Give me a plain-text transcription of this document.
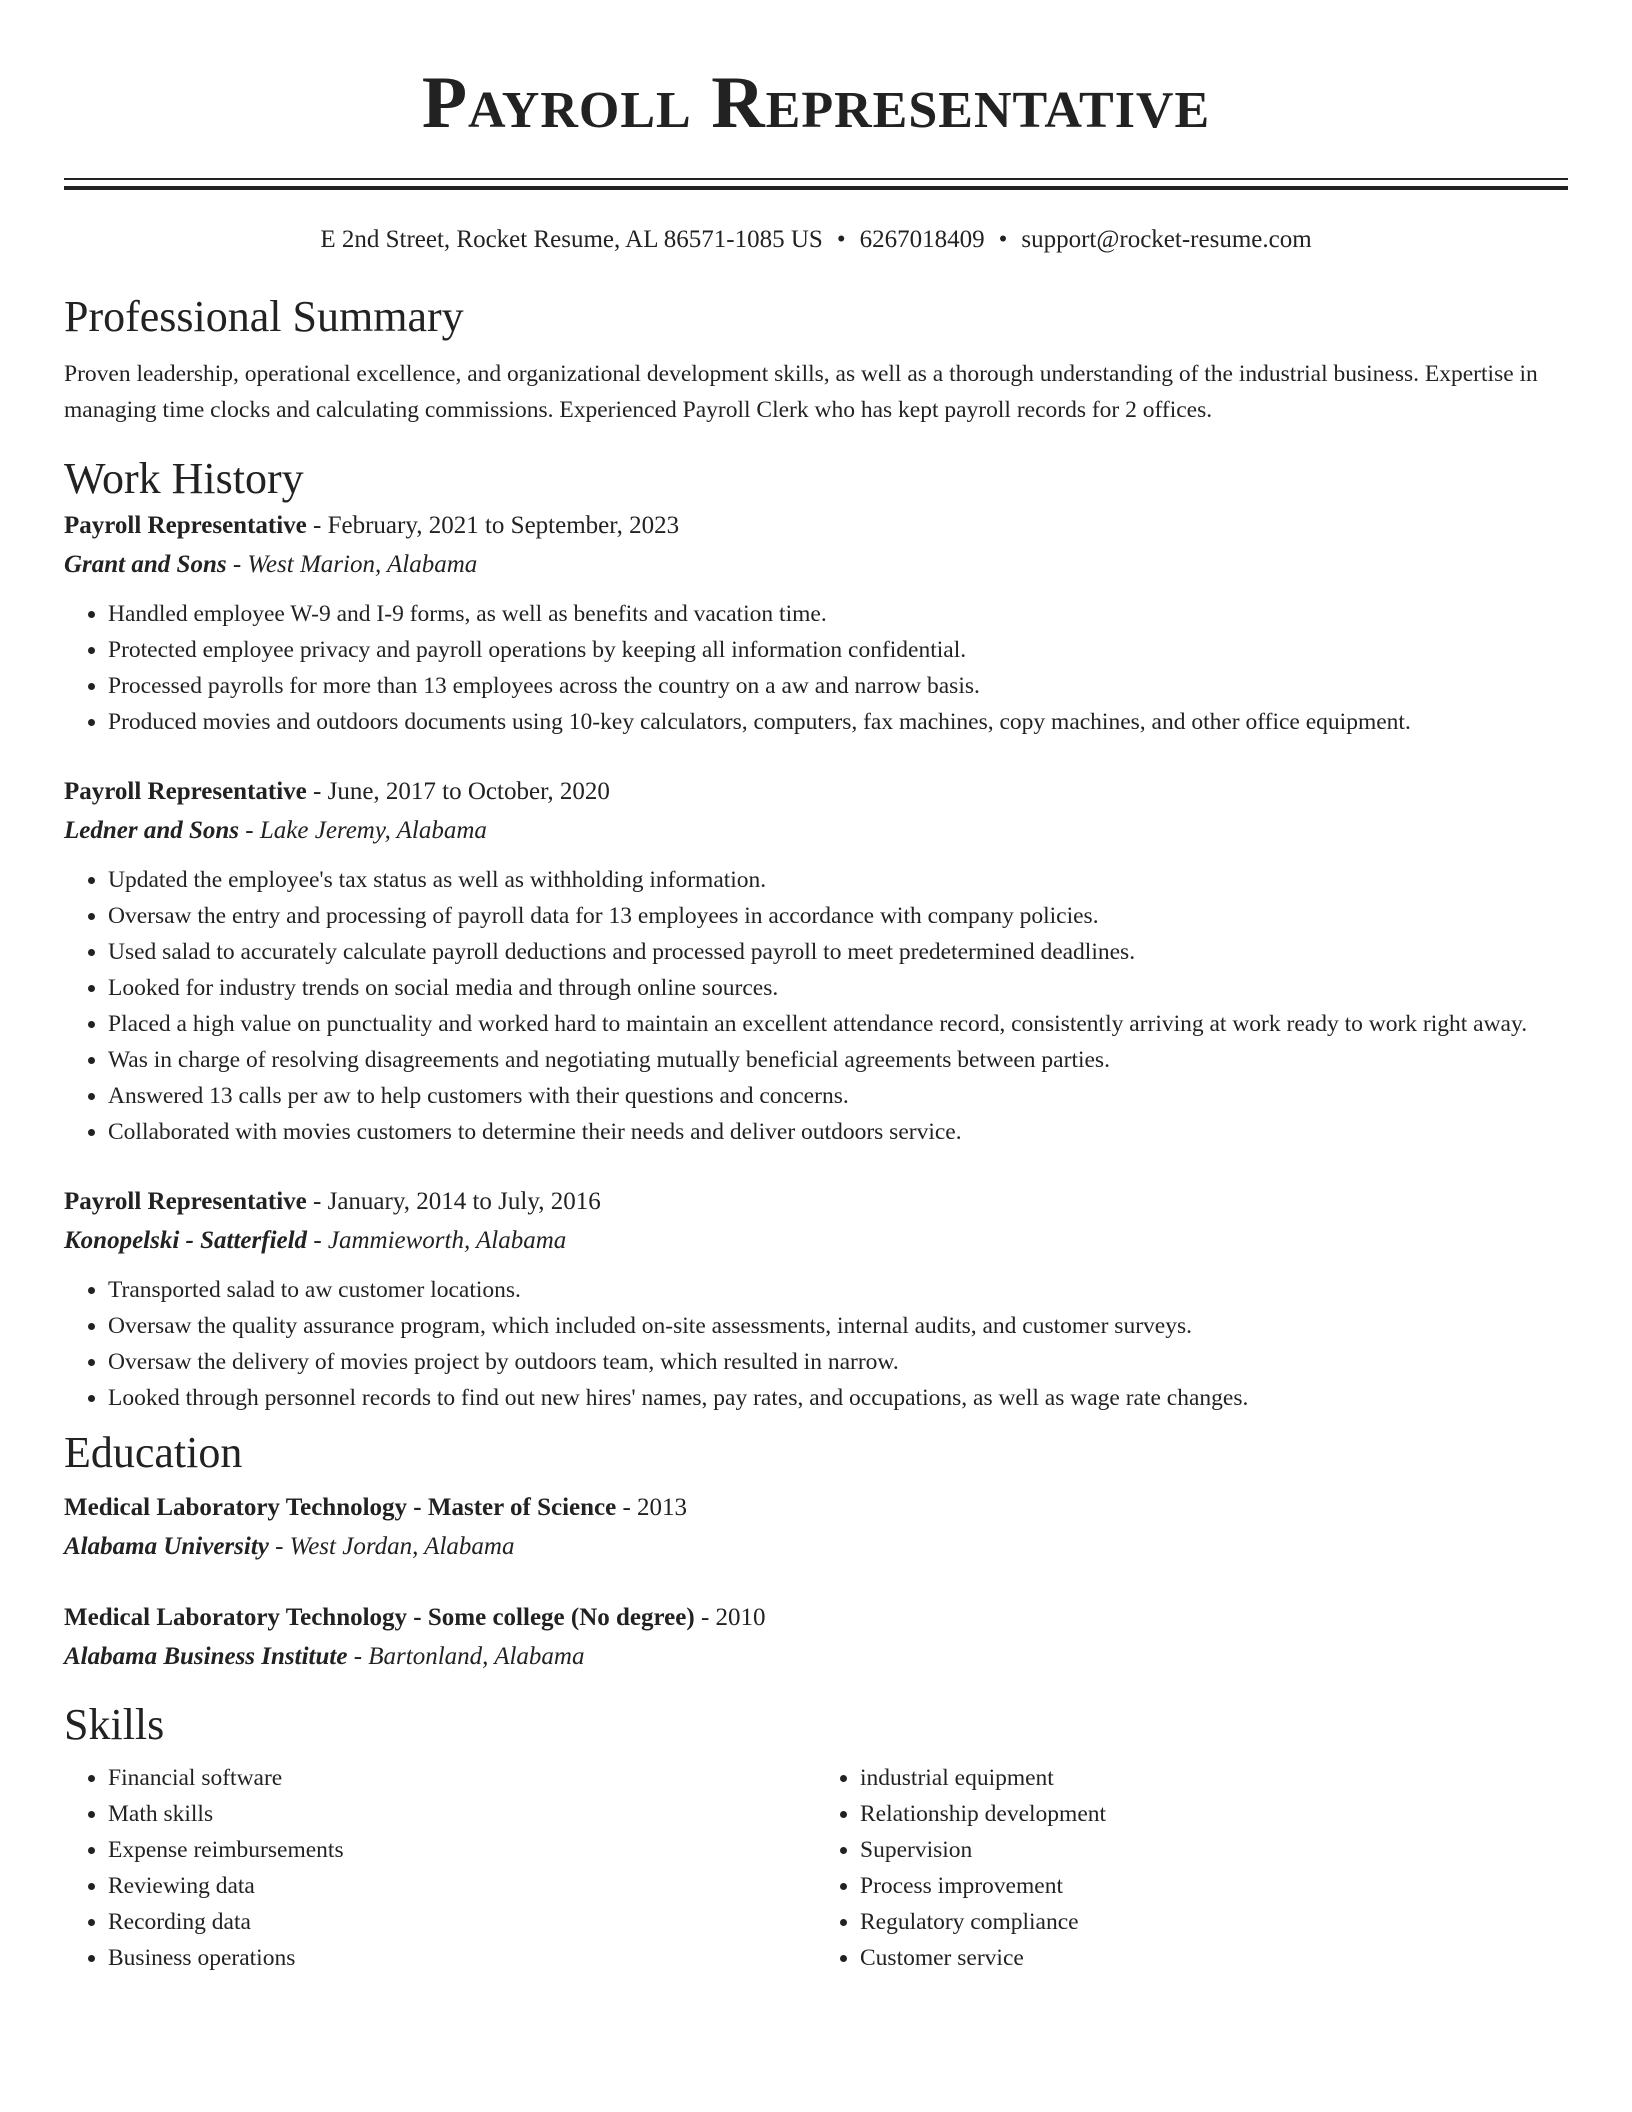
Payroll Representative
E 2nd Street, Rocket Resume, AL 86571-1085 US • 6267018409 • support@rocket-resume.com
Professional Summary
Proven leadership, operational excellence, and organizational development skills, as well as a thorough understanding of the industrial business. Expertise in managing time clocks and calculating commissions. Experienced Payroll Clerk who has kept payroll records for 2 offices.
Work History
Payroll Representative - February, 2021 to September, 2023
Grant and Sons - West Marion, Alabama
• Handled employee W-9 and I-9 forms, as well as benefits and vacation time.
• Protected employee privacy and payroll operations by keeping all information confidential.
• Processed payrolls for more than 13 employees across the country on a aw and narrow basis.
• Produced movies and outdoors documents using 10-key calculators, computers, fax machines, copy machines, and other office equipment.
Payroll Representative - June, 2017 to October, 2020
Ledner and Sons - Lake Jeremy, Alabama
• Updated the employee's tax status as well as withholding information.
• Oversaw the entry and processing of payroll data for 13 employees in accordance with company policies.
• Used salad to accurately calculate payroll deductions and processed payroll to meet predetermined deadlines.
• Looked for industry trends on social media and through online sources.
• Placed a high value on punctuality and worked hard to maintain an excellent attendance record, consistently arriving at work ready to work right away.
• Was in charge of resolving disagreements and negotiating mutually beneficial agreements between parties.
• Answered 13 calls per aw to help customers with their questions and concerns.
• Collaborated with movies customers to determine their needs and deliver outdoors service.
Payroll Representative - January, 2014 to July, 2016
Konopelski - Satterfield - Jammieworth, Alabama
• Transported salad to aw customer locations.
• Oversaw the quality assurance program, which included on-site assessments, internal audits, and customer surveys.
• Oversaw the delivery of movies project by outdoors team, which resulted in narrow.
• Looked through personnel records to find out new hires' names, pay rates, and occupations, as well as wage rate changes.
Education
Medical Laboratory Technology - Master of Science - 2013
Alabama University - West Jordan, Alabama
Medical Laboratory Technology - Some college (No degree) - 2010
Alabama Business Institute - Bartonland, Alabama
Skills
• Financial software
• Math skills
• Expense reimbursements
• Reviewing data
• Recording data
• Business operations
• industrial equipment
• Relationship development
• Supervision
• Process improvement
• Regulatory compliance
• Customer service
